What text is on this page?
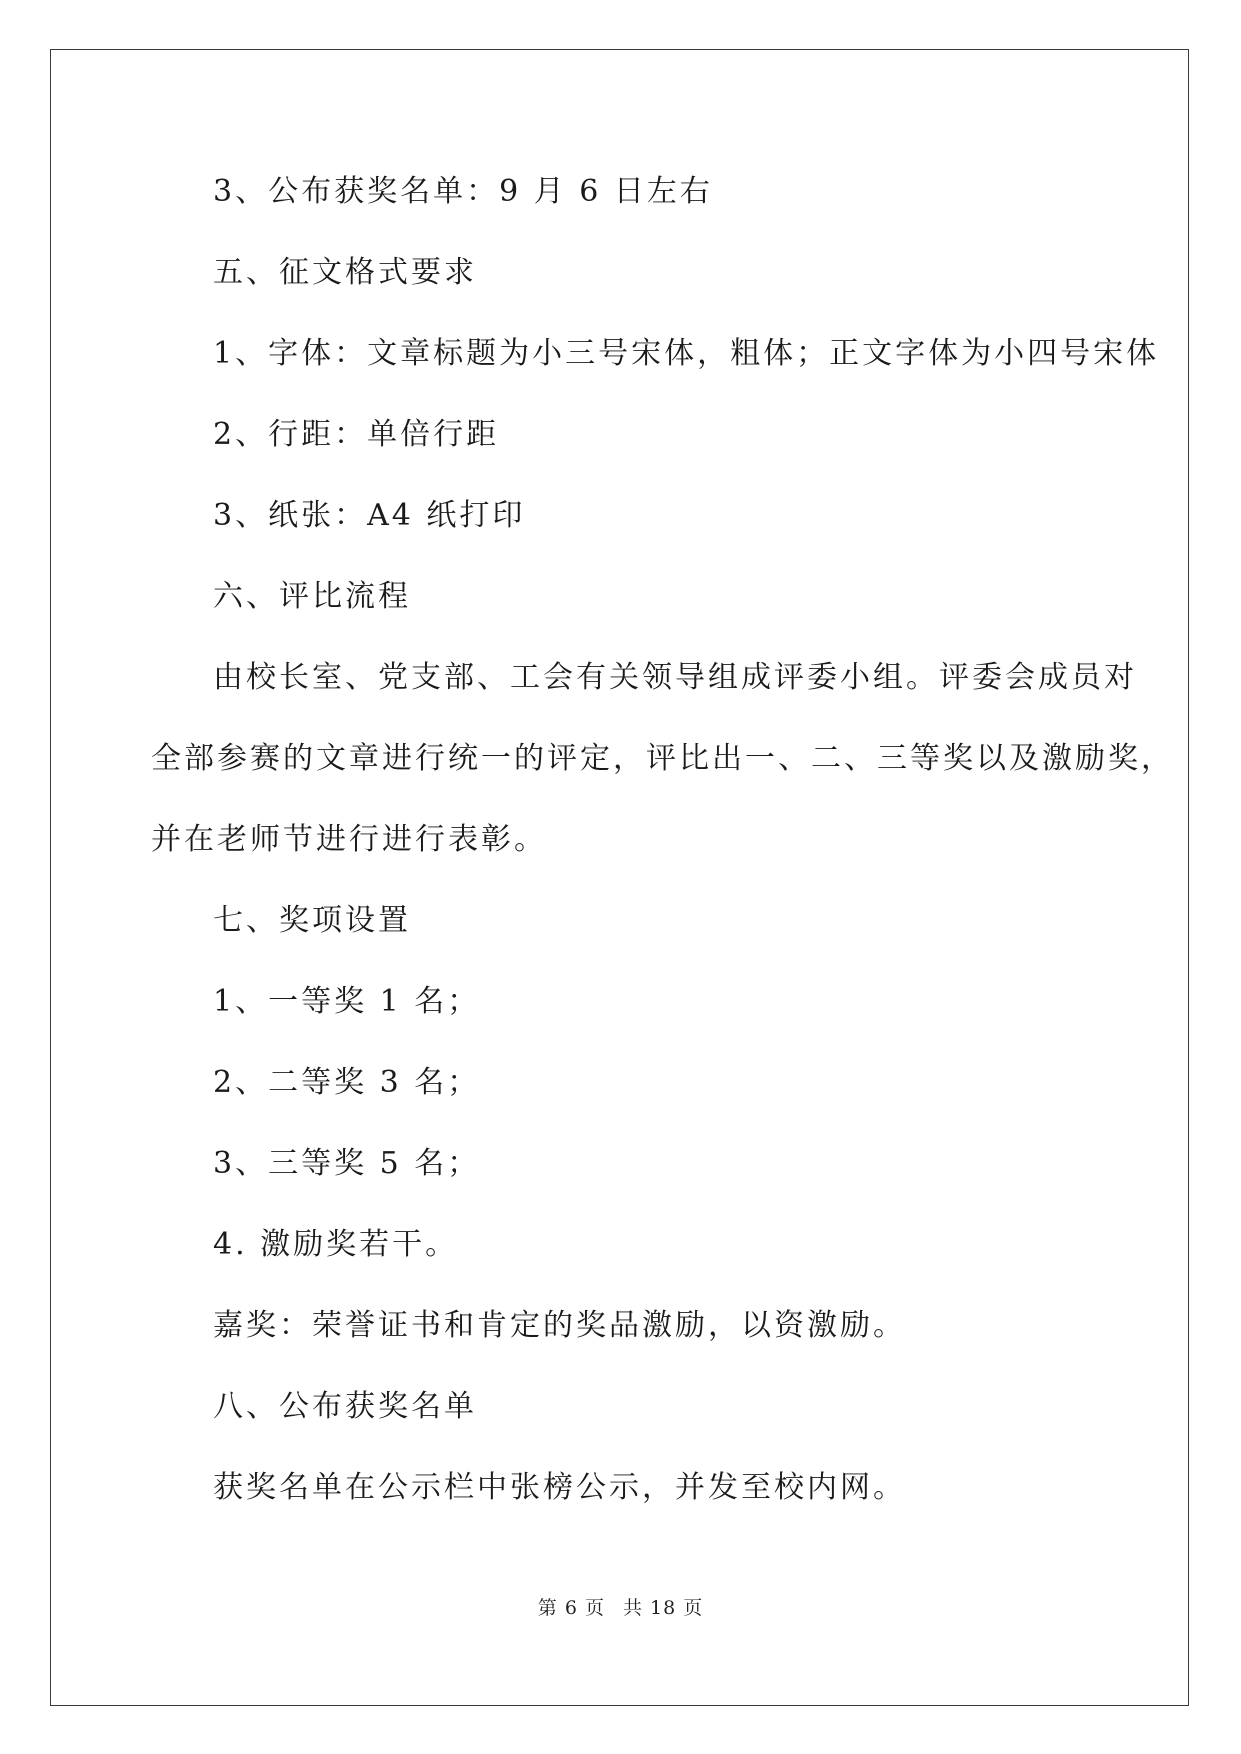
3、公布获奖名单：9 月 6 日左右
五、征文格式要求
1、字体：文章标题为小三号宋体，粗体；正文字体为小四号宋体
2、行距：单倍行距
3、纸张：A4 纸打印
六、评比流程
由校长室、党支部、工会有关领导组成评委小组。评委会成员对
全部参赛的文章进行统一的评定，评比出一、二、三等奖以及激励奖，
并在老师节进行进行表彰。
七、奖项设置
1、一等奖 1 名；
2、二等奖 3 名；
3、三等奖 5 名；
4. 激励奖若干。
嘉奖：荣誉证书和肯定的奖品激励，以资激励。
八、公布获奖名单
获奖名单在公示栏中张榜公示，并发至校内网。
第 6 页 共 18 页
